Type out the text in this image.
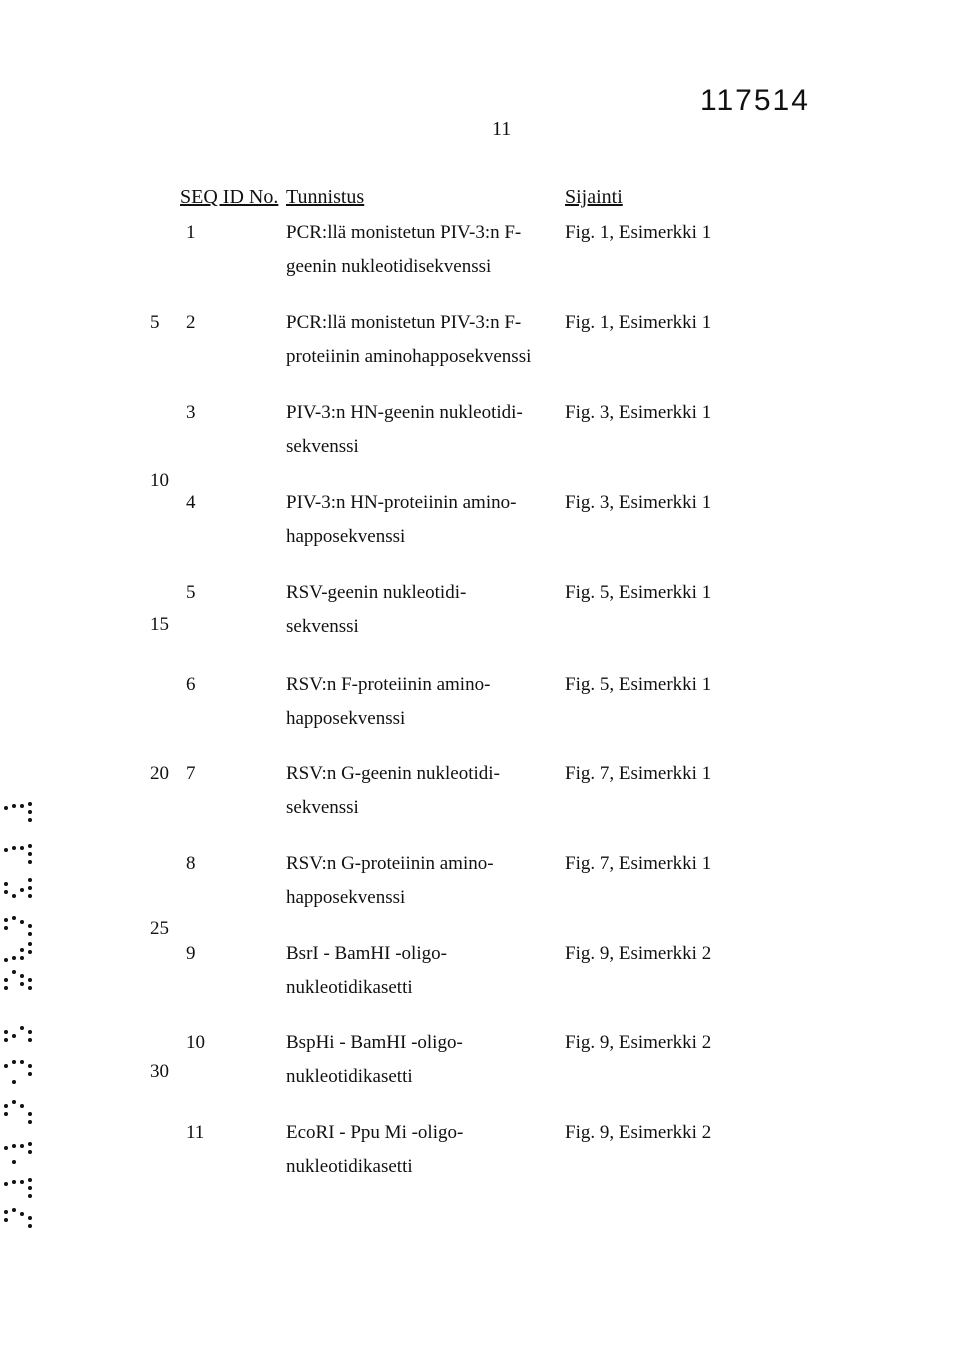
117514
11
SEQ ID No. Tunnistus	Sijainti
5
10
15
20
25
30
1	PCR:llä monistetun PIV-3:n F-
geenin nukleotidisekvenssi
Fig. 1, Esimerkki 1
2	PCR:llä monistetun PIV-3:n F-
proteiinin aminohapposekvenssi
Fig. 1, Esimerkki 1
3	PIV-3:n HN-geenin nukleotidi-
sekvenssi
Fig. 3, Esimerkki 1
4	PIV-3:n HN-proteiinin amino-
happosekvenssi
Fig. 3, Esimerkki 1
5	RSV-geenin nukleotidi-
sekvenssi
Fig. 5, Esimerkki 1
6	RSV:n F-proteiinin amino-
happosekvenssi
Fig. 5, Esimerkki 1
7	RSV:n G-geenin nukleotidi-
sekvenssi
Fig. 7, Esimerkki 1
8	RSV:n G-proteiinin amino-
happosekvenssi
Fig. 7, Esimerkki 1
9	BsrI - BamHI -oligo-
nukleotidikasetti
Fig. 9, Esimerkki 2
10	BspHi - BamHI -oligo-
nukleotidikasetti
Fig. 9, Esimerkki 2
11	EcoRI - Ppu Mi -oligo-
nukleotidikasetti
Fig. 9, Esimerkki 2
